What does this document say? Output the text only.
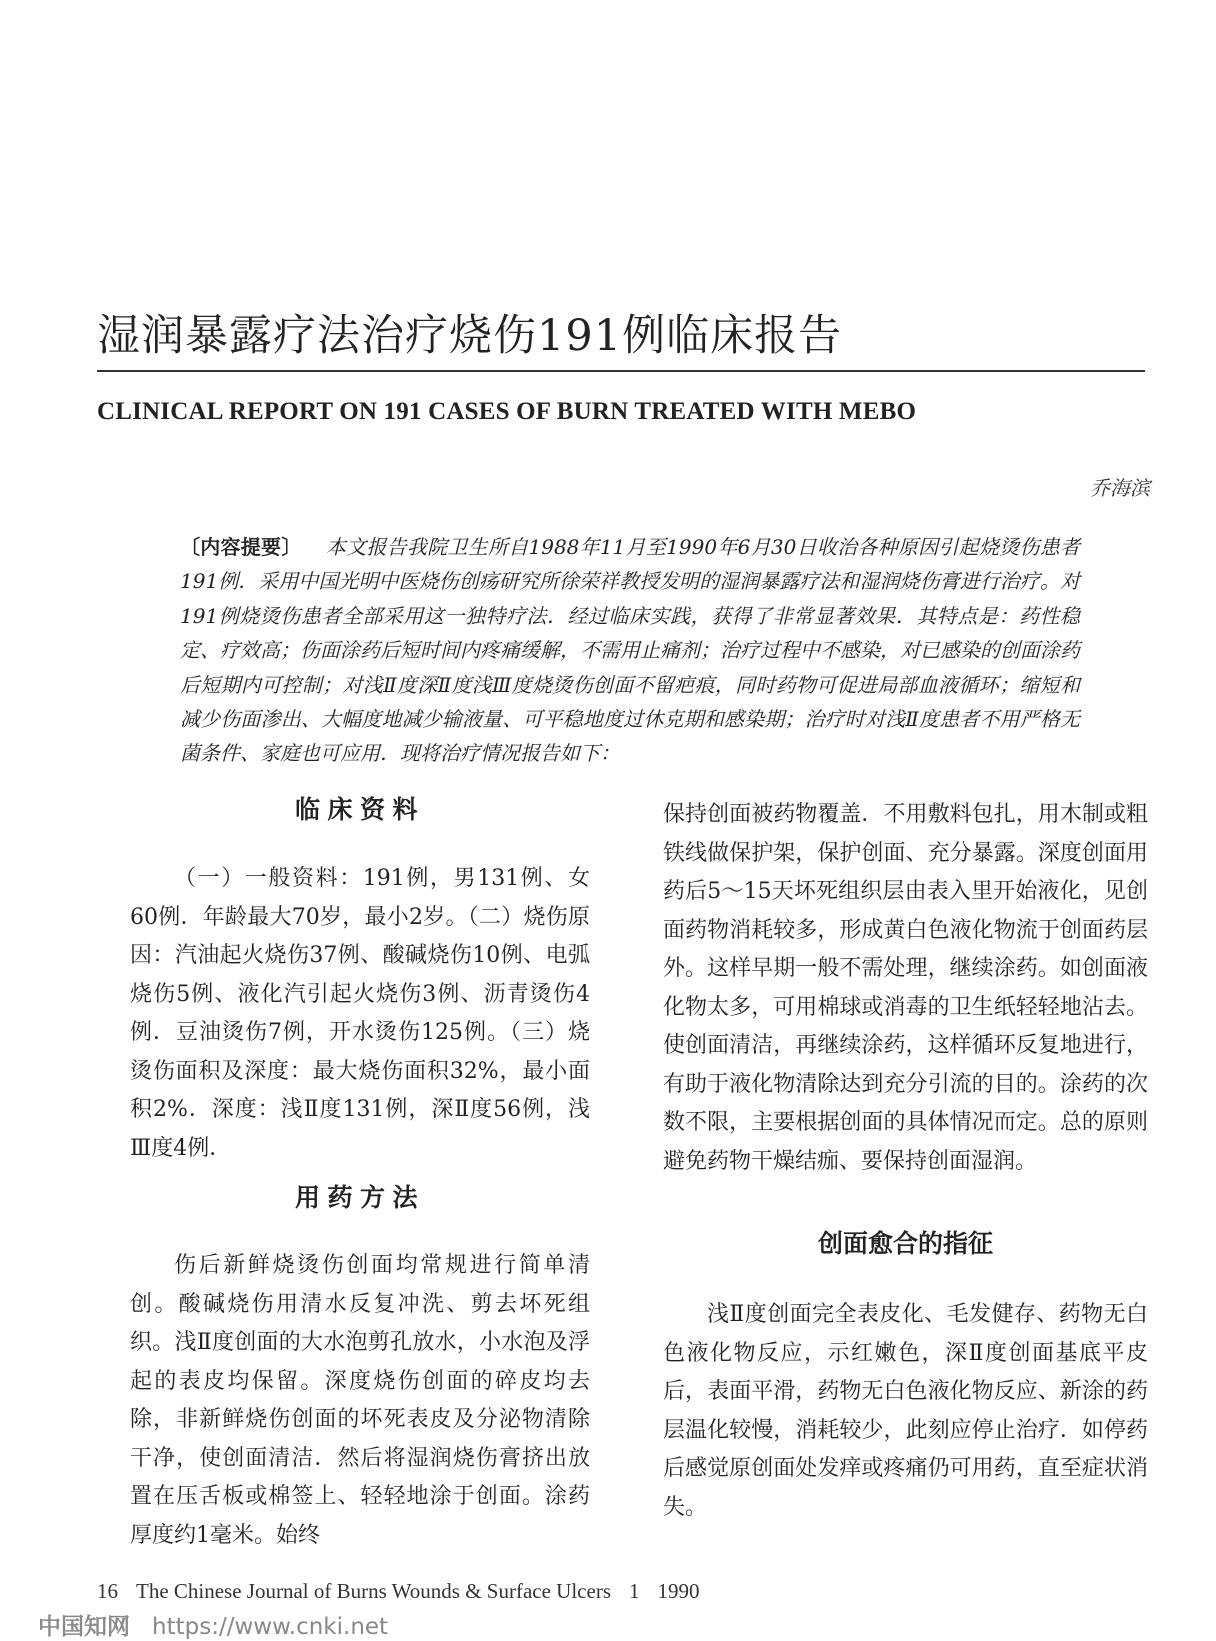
湿润暴露疗法治疗烧伤191例临床报告
CLINICAL REPORT ON 191 CASES OF BURN TREATED WITH MEBO
乔海滨
〔内容提要〕 本文报告我院卫生所自1988年11月至1990年6月30日收治各种原因引起烧烫伤患者191例．采用中国光明中医烧伤创疡研究所徐荣祥教授发明的湿润暴露疗法和湿润烧伤膏进行治疗。对191例烧烫伤患者全部采用这一独特疗法．经过临床实践，获得了非常显著效果．其特点是：药性稳定、疗效高；伤面涂药后短时间内疼痛缓解，不需用止痛剂；治疗过程中不感染，对已感染的创面涂药后短期内可控制；对浅Ⅱ度深Ⅱ度浅Ⅲ度烧烫伤创面不留疤痕，同时药物可促进局部血液循环；缩短和减少伤面渗出、大幅度地减少输液量、可平稳地度过休克期和感染期；治疗时对浅Ⅱ度患者不用严格无菌条件、家庭也可应用．现将治疗情况报告如下：
临床资料

（一）一般资料：191例，男131例、女60例．年龄最大70岁，最小2岁。（二）烧伤原因：汽油起火烧伤37例、酸碱烧伤10例、电弧烧伤5例、液化汽引起火烧伤3例、沥青烫伤4例．豆油烫伤7例，开水烫伤125例。（三）烧烫伤面积及深度：最大烧伤面积32%，最小面积2%．深度：浅Ⅱ度131例，深Ⅱ度56例，浅Ⅲ度4例．

用药方法

伤后新鲜烧烫伤创面均常规进行简单清创。酸碱烧伤用清水反复冲洗、剪去坏死组织。浅Ⅱ度创面的大水泡剪孔放水，小水泡及浮起的表皮均保留。深度烧伤创面的碎皮均去除，非新鲜烧伤创面的坏死表皮及分泌物清除干净，使创面清洁．然后将湿润烧伤膏挤出放置在压舌板或棉签上、轻轻地涂于创面。涂药厚度约1毫米。始终

保持创面被药物覆盖．不用敷料包扎，用木制或粗铁线做保护架，保护创面、充分暴露。深度创面用药后5～15天坏死组织层由表入里开始液化，见创面药物消耗较多，形成黄白色液化物流于创面药层外。这样早期一般不需处理，继续涂药。如创面液化物太多，可用棉球或消毒的卫生纸轻轻地沾去。使创面清洁，再继续涂药，这样循环反复地进行，有助于液化物清除达到充分引流的目的。涂药的次数不限，主要根据创面的具体情况而定。总的原则避免药物干燥结痂、要保持创面湿润。

创面愈合的指征

浅Ⅱ度创面完全表皮化、毛发健存、药物无白色液化物反应，示红嫩色，深Ⅱ度创面基底平皮后，表面平滑，药物无白色液化物反应、新涂的药层温化较慢，消耗较少，此刻应停止治疗．如停药后感觉原创面处发痒或疼痛仍可用药，直至症状消失。

16 The Chinese Journal of Burns Wounds & Surface Ulcers 1 1990
中国知网 https://www.cnki.net
